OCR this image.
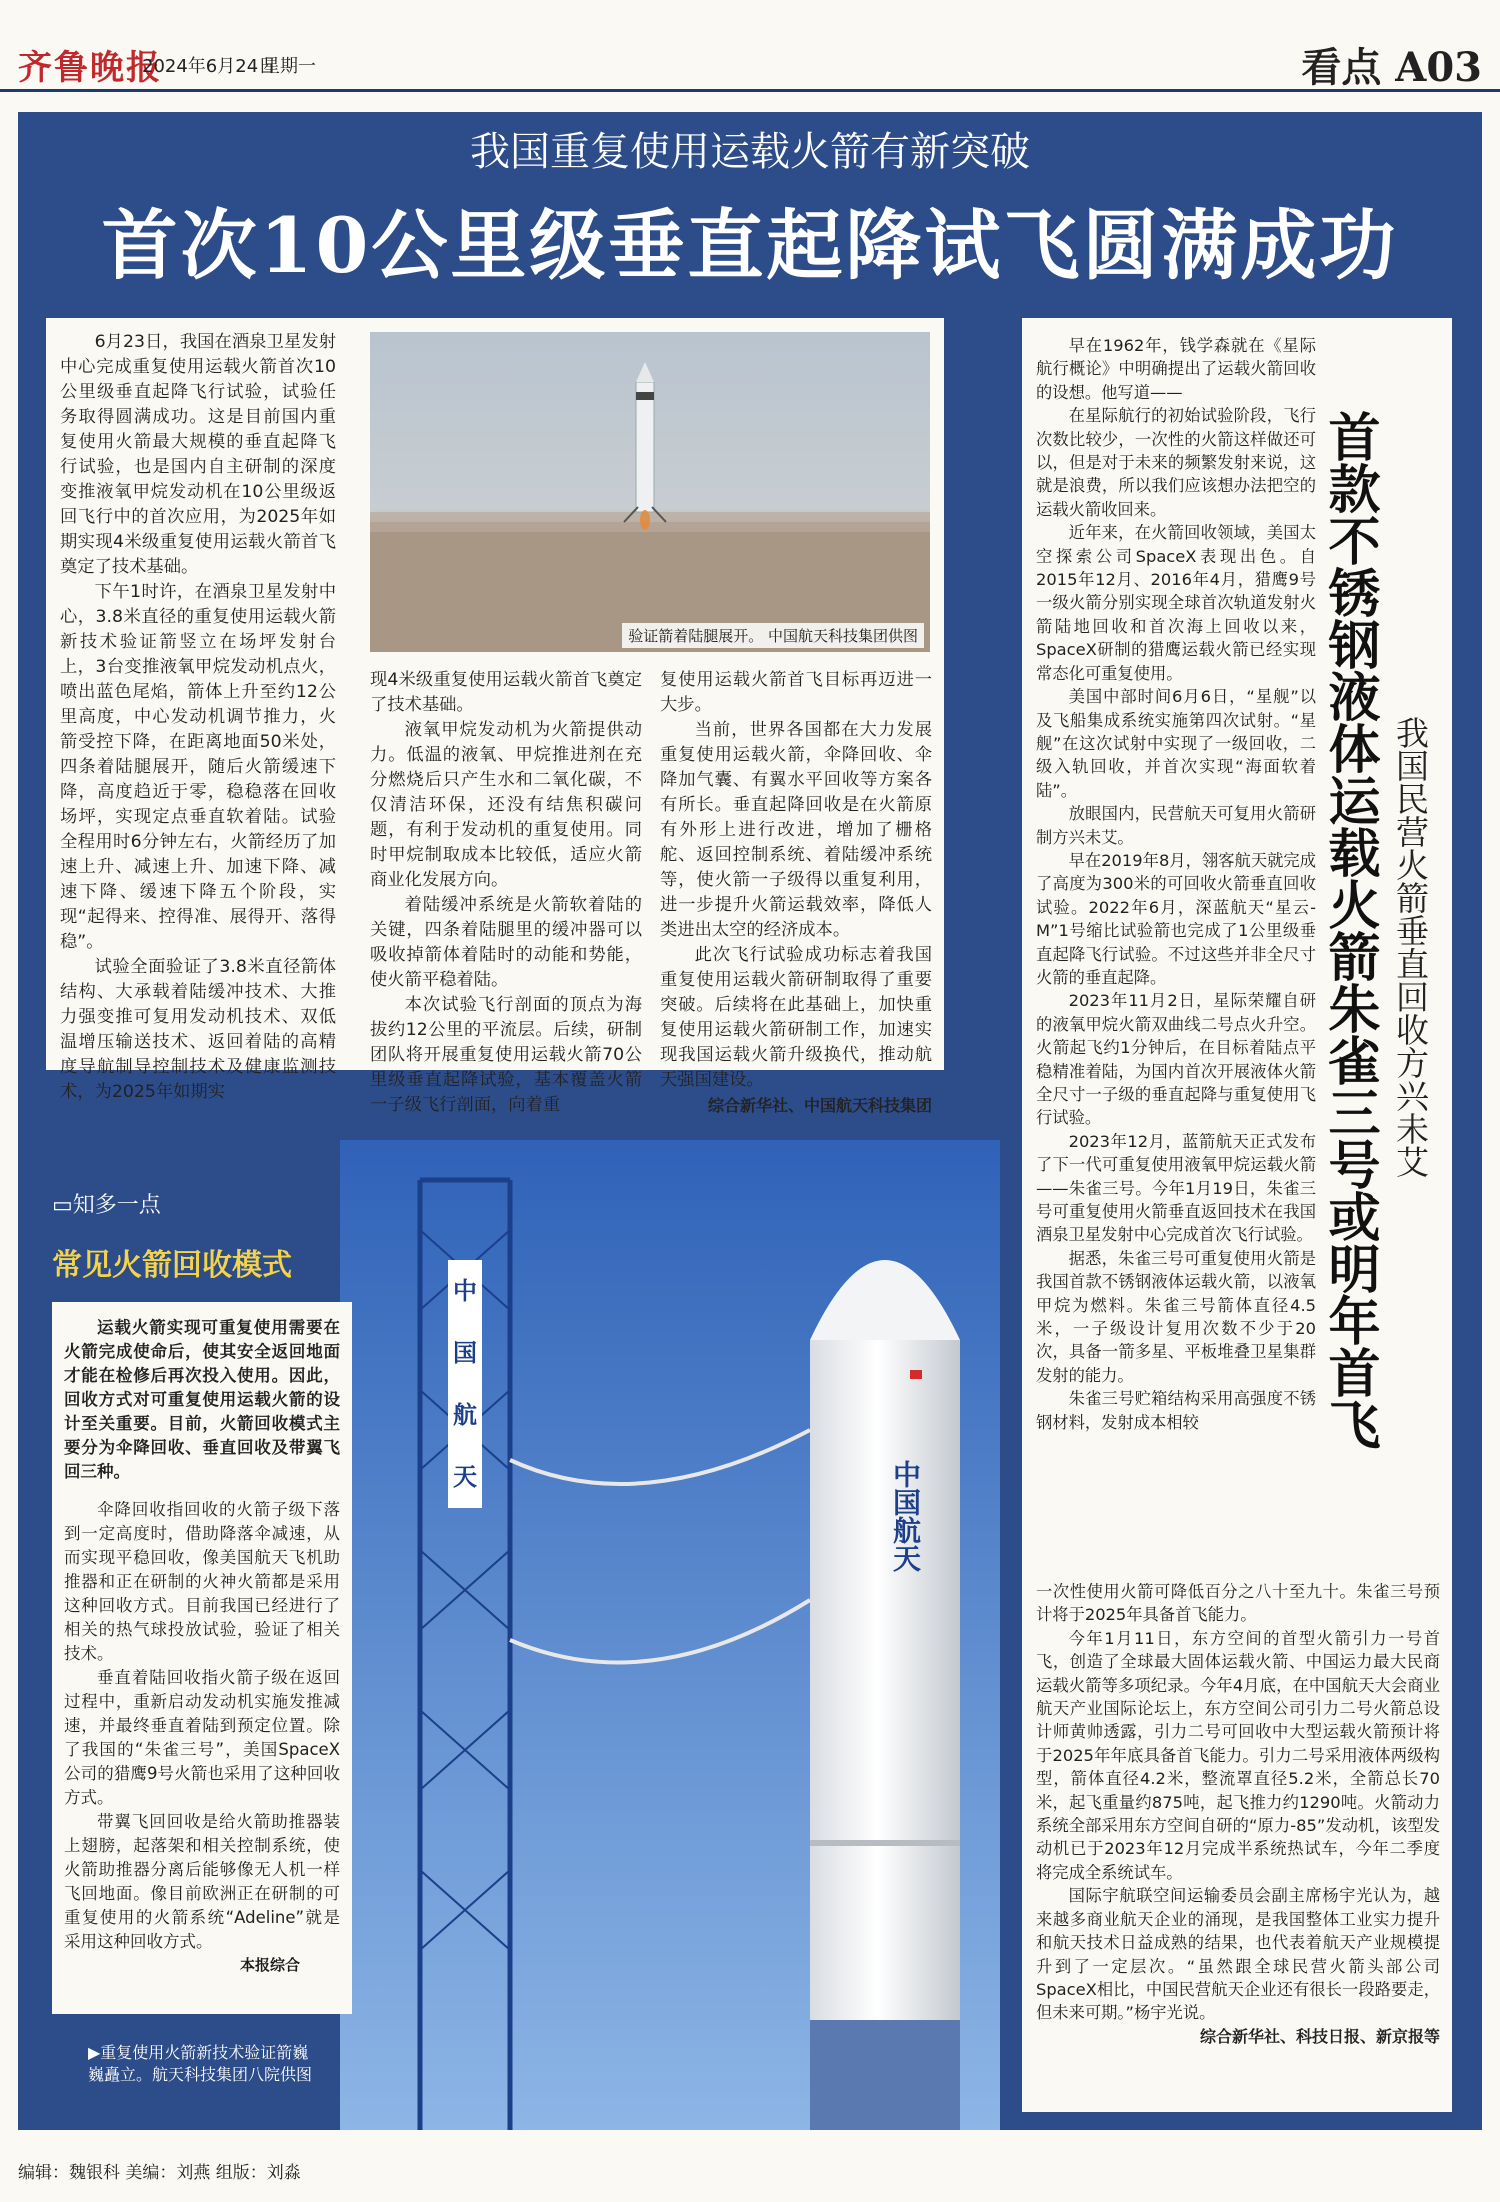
齐鲁晚报
2024年6月24日
星期一	看点 A03
我国重复使用运载火箭有新突破
首次10公里级垂直起降试飞圆满成功

6月23日，我国在酒泉卫星发射中心完成重复使用运载火箭首次10公里级垂直起降飞行试验，试验任务取得圆满成功。这是目前国内重复使用火箭最大规模的垂直起降飞行试验，也是国内自主研制的深度变推液氧甲烷发动机在10公里级返回飞行中的首次应用，为2025年如期实现4米级重复使用运载火箭首飞奠定了技术基础。

下午1时许，在酒泉卫星发射中心，3.8米直径的重复使用运载火箭新技术验证箭竖立在场坪发射台上，3台变推液氧甲烷发动机点火，喷出蓝色尾焰，箭体上升至约12公里高度，中心发动机调节推力，火箭受控下降，在距离地面50米处，四条着陆腿展开，随后火箭缓速下降，高度趋近于零，稳稳落在回收场坪，实现定点垂直软着陆。试验全程用时6分钟左右，火箭经历了加速上升、减速上升、加速下降、减速下降、缓速下降五个阶段，实现“起得来、控得准、展得开、落得稳”。

试验全面验证了3.8米直径箭体结构、大承载着陆缓冲技术、大推力强变推可复用发动机技术、双低温增压输送技术、返回着陆的高精度导航制导控制技术及健康监测技术，为2025年如期实

验证箭着陆腿展开。 中国航天科技集团供图

现4米级重复使用运载火箭首飞奠定了技术基础。

液氧甲烷发动机为火箭提供动力。低温的液氧、甲烷推进剂在充分燃烧后只产生水和二氧化碳，不仅清洁环保，还没有结焦积碳问题，有利于发动机的重复使用。同时甲烷制取成本比较低，适应火箭商业化发展方向。

着陆缓冲系统是火箭软着陆的关键，四条着陆腿里的缓冲器可以吸收掉箭体着陆时的动能和势能，使火箭平稳着陆。

本次试验飞行剖面的顶点为海拔约12公里的平流层。后续，研制团队将开展重复使用运载火箭70公里级垂直起降试验，基本覆盖火箭一子级飞行剖面，向着重

复使用运载火箭首飞目标再迈进一大步。

当前，世界各国都在大力发展重复使用运载火箭，伞降回收、伞降加气囊、有翼水平回收等方案各有所长。垂直起降回收是在火箭原有外形上进行改进，增加了栅格舵、返回控制系统、着陆缓冲系统等，使火箭一子级得以重复利用，进一步提升火箭运载效率，降低人类进出太空的经济成本。

此次飞行试验成功标志着我国重复使用运载火箭研制取得了重要突破。后续将在此基础上，加快重复使用运载火箭研制工作，加速实现我国运载火箭升级换代，推动航天强国建设。

综合新华社、中国航天科技集团
中
国
航
天	中国航天
▭知多一点
常见火箭回收模式

运载火箭实现可重复使用需要在火箭完成使命后，使其安全返回地面才能在检修后再次投入使用。因此，回收方式对可重复使用运载火箭的设计至关重要。目前，火箭回收模式主要分为伞降回收、垂直回收及带翼飞回三种。

伞降回收指回收的火箭子级下落到一定高度时，借助降落伞减速，从而实现平稳回收，像美国航天飞机助推器和正在研制的火神火箭都是采用这种回收方式。目前我国已经进行了相关的热气球投放试验，验证了相关技术。

垂直着陆回收指火箭子级在返回过程中，重新启动发动机实施发推减速，并最终垂直着陆到预定位置。除了我国的“朱雀三号”，美国SpaceX公司的猎鹰9号火箭也采用了这种回收方式。

带翼飞回回收是给火箭助推器装上翅膀，起落架和相关控制系统，使火箭助推器分离后能够像无人机一样飞回地面。像目前欧洲正在研制的可重复使用的火箭系统“Adeline”就是采用这种回收方式。

本报综合
▶重复使用火箭新技术验证箭巍
巍矗立。航天科技集团八院供图

早在1962年，钱学森就在《星际航行概论》中明确提出了运载火箭回收的设想。他写道——

在星际航行的初始试验阶段，飞行次数比较少，一次性的火箭这样做还可以，但是对于未来的频繁发射来说，这就是浪费，所以我们应该想办法把空的运载火箭收回来。

近年来，在火箭回收领域，美国太空探索公司SpaceX表现出色。自2015年12月、2016年4月，猎鹰9号一级火箭分别实现全球首次轨道发射火箭陆地回收和首次海上回收以来，SpaceX研制的猎鹰运载火箭已经实现常态化可重复使用。

美国中部时间6月6日，“星舰”以及飞船集成系统实施第四次试射。“星舰”在这次试射中实现了一级回收，二级入轨回收，并首次实现“海面软着陆”。

放眼国内，民营航天可复用火箭研制方兴未艾。

早在2019年8月，翎客航天就完成了高度为300米的可回收火箭垂直回收试验。2022年6月，深蓝航天“星云-M”1号缩比试验箭也完成了1公里级垂直起降飞行试验。不过这些并非全尺寸火箭的垂直起降。

2023年11月2日，星际荣耀自研的液氧甲烷火箭双曲线二号点火升空。火箭起飞约1分钟后，在目标着陆点平稳精准着陆，为国内首次开展液体火箭全尺寸一子级的垂直起降与重复使用飞行试验。

2023年12月，蓝箭航天正式发布了下一代可重复使用液氧甲烷运载火箭——朱雀三号。今年1月19日，朱雀三号可重复使用火箭垂直返回技术在我国酒泉卫星发射中心完成首次飞行试验。

据悉，朱雀三号可重复使用火箭是我国首款不锈钢液体运载火箭，以液氧甲烷为燃料。朱雀三号箭体直径4.5米，一子级设计复用次数不少于20次，具备一箭多星、平板堆叠卫星集群发射的能力。

朱雀三号贮箱结构采用高强度不锈钢材料，发射成本相较	首款不锈钢液体运载火箭朱雀三号或明年首飞 我国民营火箭垂直回收方兴未艾

一次性使用火箭可降低百分之八十至九十。朱雀三号预计将于2025年具备首飞能力。

今年1月11日，东方空间的首型火箭引力一号首飞，创造了全球最大固体运载火箭、中国运力最大民商运载火箭等多项纪录。今年4月底，在中国航天大会商业航天产业国际论坛上，东方空间公司引力二号火箭总设计师黄帅透露，引力二号可回收中大型运载火箭预计将于2025年年底具备首飞能力。引力二号采用液体两级构型，箭体直径4.2米，整流罩直径5.2米，全箭总长70米，起飞重量约875吨，起飞推力约1290吨。火箭动力系统全部采用东方空间自研的“原力-85”发动机，该型发动机已于2023年12月完成半系统热试车，今年二季度将完成全系统试车。

国际宇航联空间运输委员会副主席杨宇光认为，越来越多商业航天企业的涌现，是我国整体工业实力提升和航天技术日益成熟的结果，也代表着航天产业规模提升到了一定层次。“虽然跟全球民营火箭头部公司SpaceX相比，中国民营航天企业还有很长一段路要走，但未来可期。”杨宇光说。

综合新华社、科技日报、新京报等
编辑：魏银科 美编：刘燕 组版：刘淼
